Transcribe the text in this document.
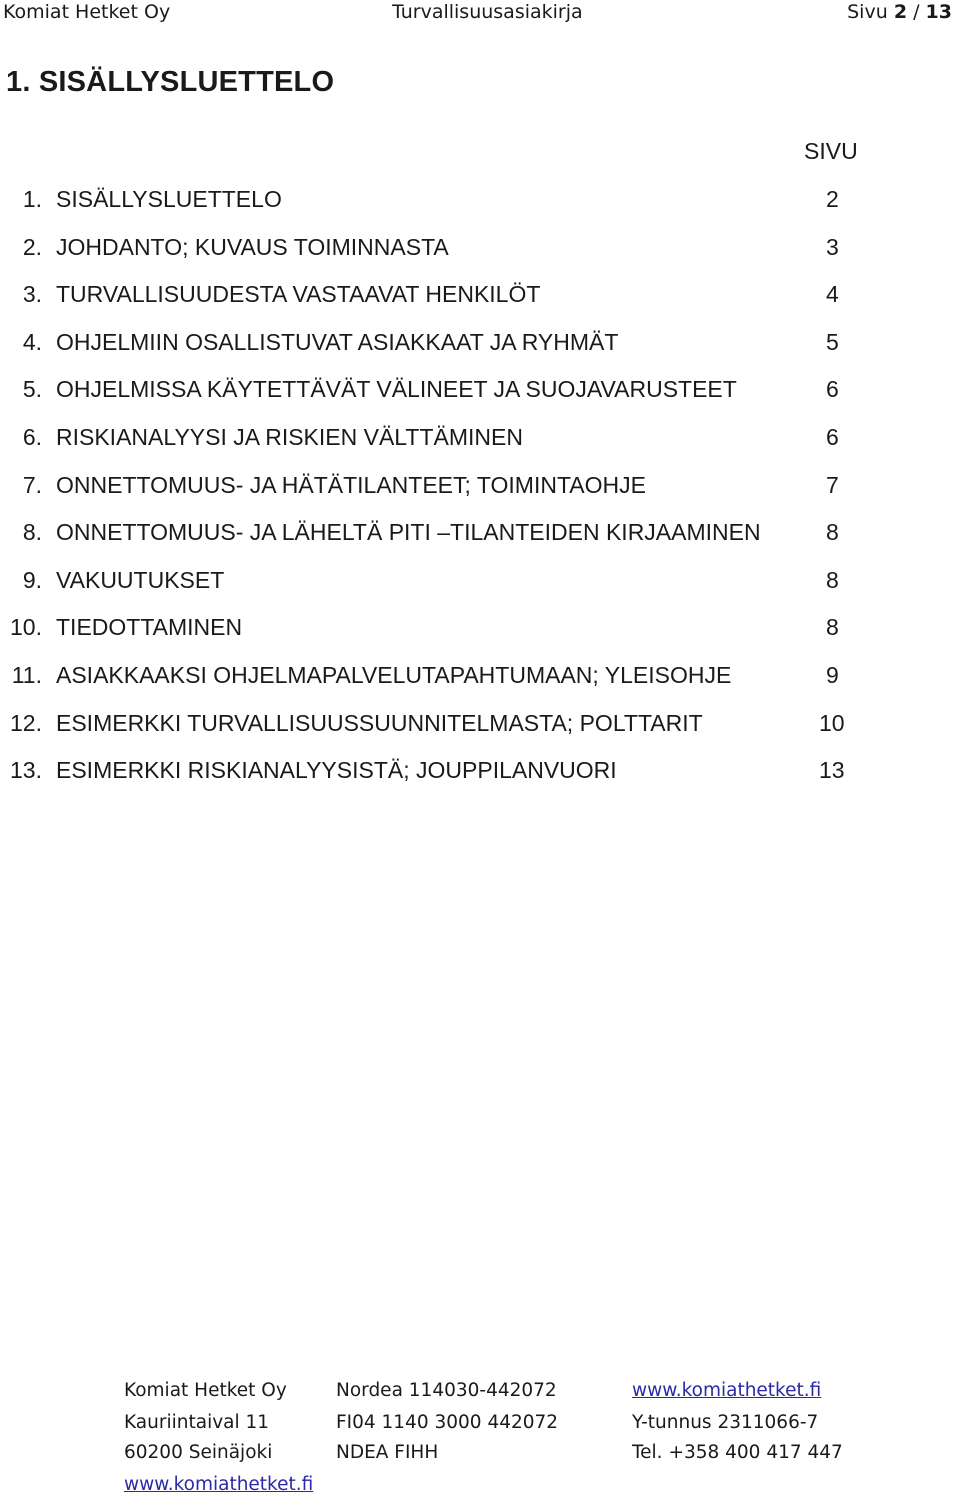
Komiat Hetket Oy	Turvallisuusasiakirja	Sivu 2 / 13
1. SISÄLLYSLUETTELO
SIVU
1. SISÄLLYSLUETTELO	2
2. JOHDANTO; KUVAUS TOIMINNASTA	3
3. TURVALLISUUDESTA VASTAAVAT HENKILÖT	4
4. OHJELMIIN OSALLISTUVAT ASIAKKAAT JA RYHMÄT	5
5. OHJELMISSA KÄYTETTÄVÄT VÄLINEET JA SUOJAVARUSTEET	6
6. RISKIANALYYSI JA RISKIEN VÄLTTÄMINEN	6
7. ONNETTOMUUS- JA HÄTÄTILANTEET; TOIMINTAOHJE	7
8. ONNETTOMUUS- JA LÄHELTÄ PITI –TILANTEIDEN KIRJAAMINEN	8
9. VAKUUTUKSET	8
10. TIEDOTTAMINEN	8
11. ASIAKKAAKSI OHJELMAPALVELUTAPAHTUMAAN; YLEISOHJE	9
12. ESIMERKKI TURVALLISUUSSUUNNITELMASTA; POLTTARIT	10
13. ESIMERKKI RISKIANALYYSISTÄ; JOUPPILANVUORI	13
Komiat Hetket Oy
Kauriintaival 11
60200 Seinäjoki
www.komiathetket.fi
Nordea 114030-442072
FI04 1140 3000 442072
NDEA FIHH
www.komiathetket.fi
Y-tunnus 2311066-7
Tel. +358 400 417 447
